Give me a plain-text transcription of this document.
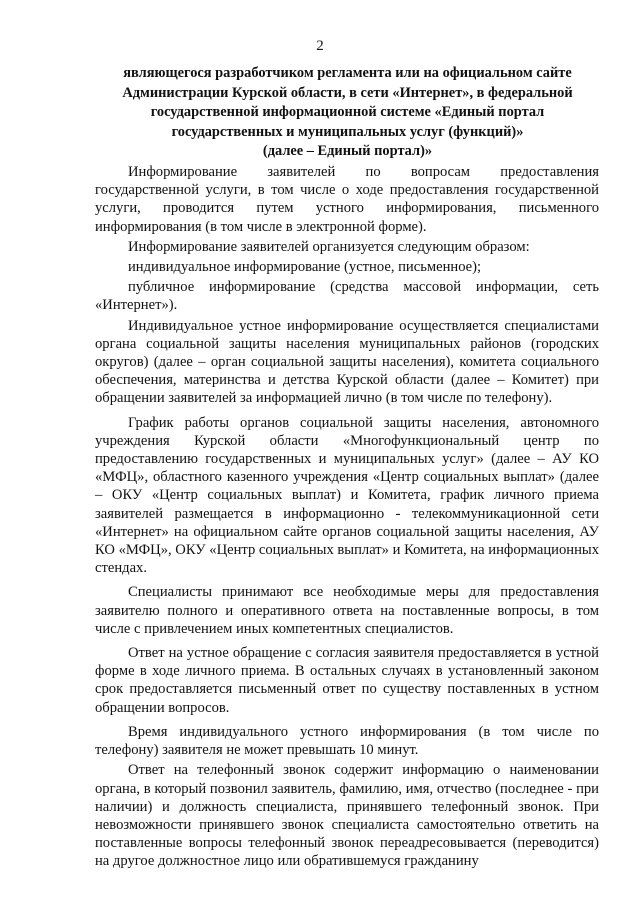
2
являющегося разработчиком регламента или на официальном сайте
Администрации Курской области, в сети «Интернет», в федеральной
государственной информационной системе «Единый портал
государственных и муниципальных услуг (функций)»
(далее – Единый портал)»

Информирование заявителей по вопросам предоставления государственной услуги, в том числе о ходе предоставления государственной услуги, проводится путем устного информирования, письменного информирования (в том числе в электронной форме).

Информирование заявителей организуется следующим образом:

индивидуальное информирование (устное, письменное);

публичное информирование (средства массовой информации, сеть «Интернет»).

Индивидуальное устное информирование осуществляется специалистами органа социальной защиты населения муниципальных районов (городских округов) (далее – орган социальной защиты населения), комитета социального обеспечения, материнства и детства Курской области (далее – Комитет) при обращении заявителей за информацией лично (в том числе по телефону).

График работы органов социальной защиты населения, автономного учреждения Курской области «Многофункциональный центр по предоставлению государственных и муниципальных услуг» (далее – АУ КО «МФЦ», областного казенного учреждения «Центр социальных выплат» (далее – ОКУ «Центр социальных выплат) и Комитета, график личного приема заявителей размещается в информационно - телекоммуникационной сети «Интернет» на официальном сайте органов социальной защиты населения, АУ КО «МФЦ», ОКУ «Центр социальных выплат» и Комитета, на информационных стендах.

Специалисты принимают все необходимые меры для предоставления заявителю полного и оперативного ответа на поставленные вопросы, в том числе с привлечением иных компетентных специалистов.

Ответ на устное обращение с согласия заявителя предоставляется в устной форме в ходе личного приема. В остальных случаях в установленный законом срок предоставляется письменный ответ по существу поставленных в устном обращении вопросов.

Время индивидуального устного информирования (в том числе по телефону) заявителя не может превышать 10 минут.

Ответ на телефонный звонок содержит информацию о наименовании органа, в который позвонил заявитель, фамилию, имя, отчество (последнее - при наличии) и должность специалиста, принявшего телефонный звонок. При невозможности принявшего звонок специалиста самостоятельно ответить на поставленные вопросы телефонный звонок переадресовывается (переводится) на другое должностное лицо или обратившемуся гражданину
